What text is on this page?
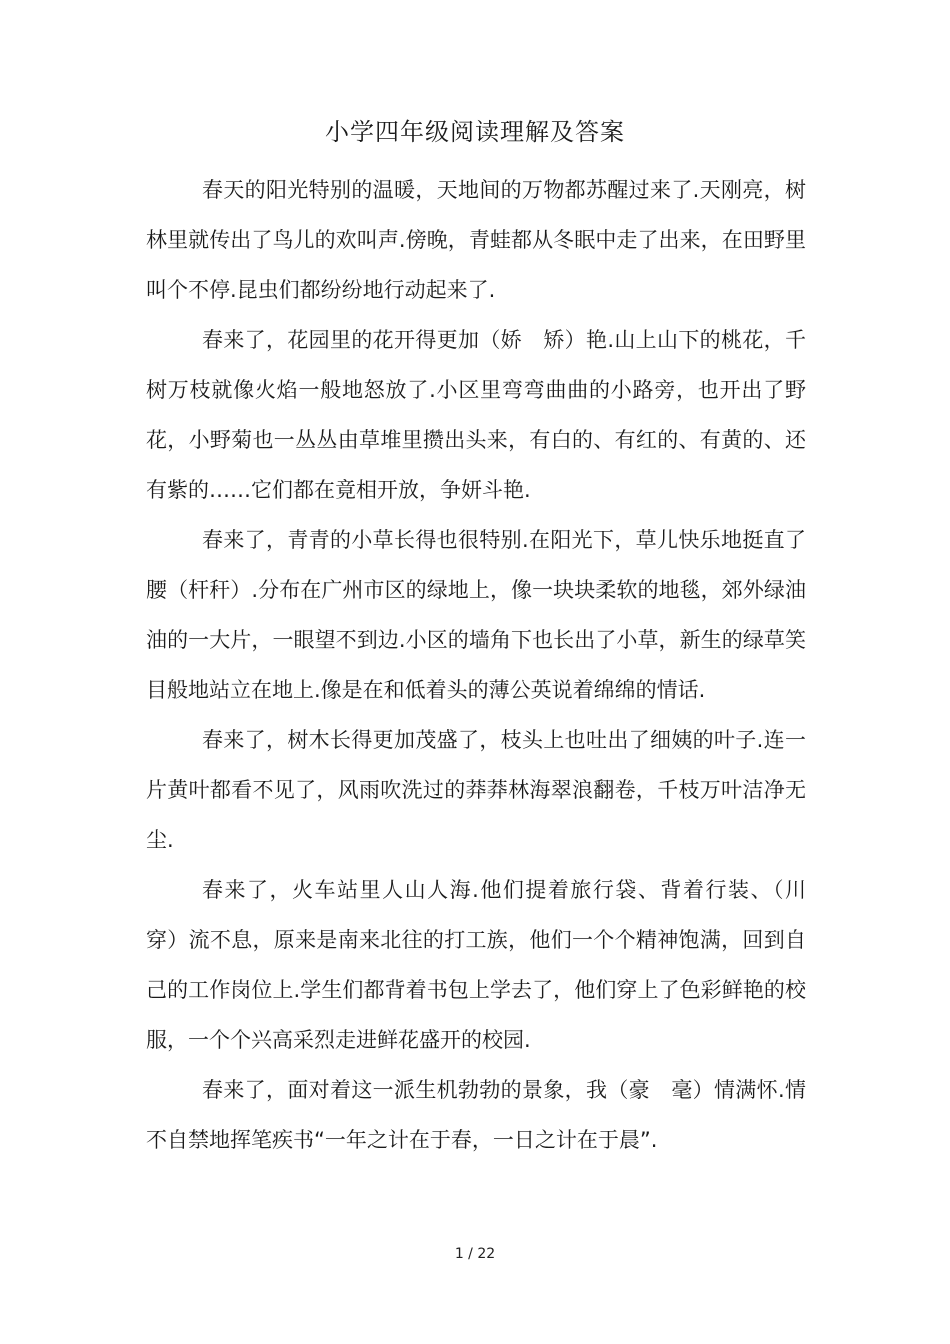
小学四年级阅读理解及答案

春天的阳光特别的温暖，天地间的万物都苏醒过来了.天刚亮，树林里就传出了鸟儿的欢叫声.傍晚，青蛙都从冬眠中走了出来，在田野里叫个不停.昆虫们都纷纷地行动起来了.

春来了，花园里的花开得更加（娇　矫）艳.山上山下的桃花，千树万枝就像火焰一般地怒放了.小区里弯弯曲曲的小路旁，也开出了野花，小野菊也一丛丛由草堆里攒出头来，有白的、有红的、有黄的、还有紫的……它们都在竟相开放，争妍斗艳.

春来了，青青的小草长得也很特别.在阳光下，草儿快乐地挺直了腰（杆秆）.分布在广州市区的绿地上，像一块块柔软的地毯，郊外绿油油的一大片，一眼望不到边.小区的墙角下也长出了小草，新生的绿草笑目般地站立在地上.像是在和低着头的薄公英说着绵绵的情话.

春来了，树木长得更加茂盛了，枝头上也吐出了细姨的叶子.连一片黄叶都看不见了，风雨吹洗过的莽莽林海翠浪翻卷，千枝万叶洁净无尘.

春来了，火车站里人山人海.他们提着旅行袋、背着行装、（川　穿）流不息，原来是南来北往的打工族，他们一个个精神饱满，回到自己的工作岗位上.学生们都背着书包上学去了，他们穿上了色彩鲜艳的校服，一个个兴高采烈走进鲜花盛开的校园.

春来了，面对着这一派生机勃勃的景象，我（豪　毫）情满怀.情不自禁地挥笔疾书“一年之计在于春，一日之计在于晨”.

1 / 22
